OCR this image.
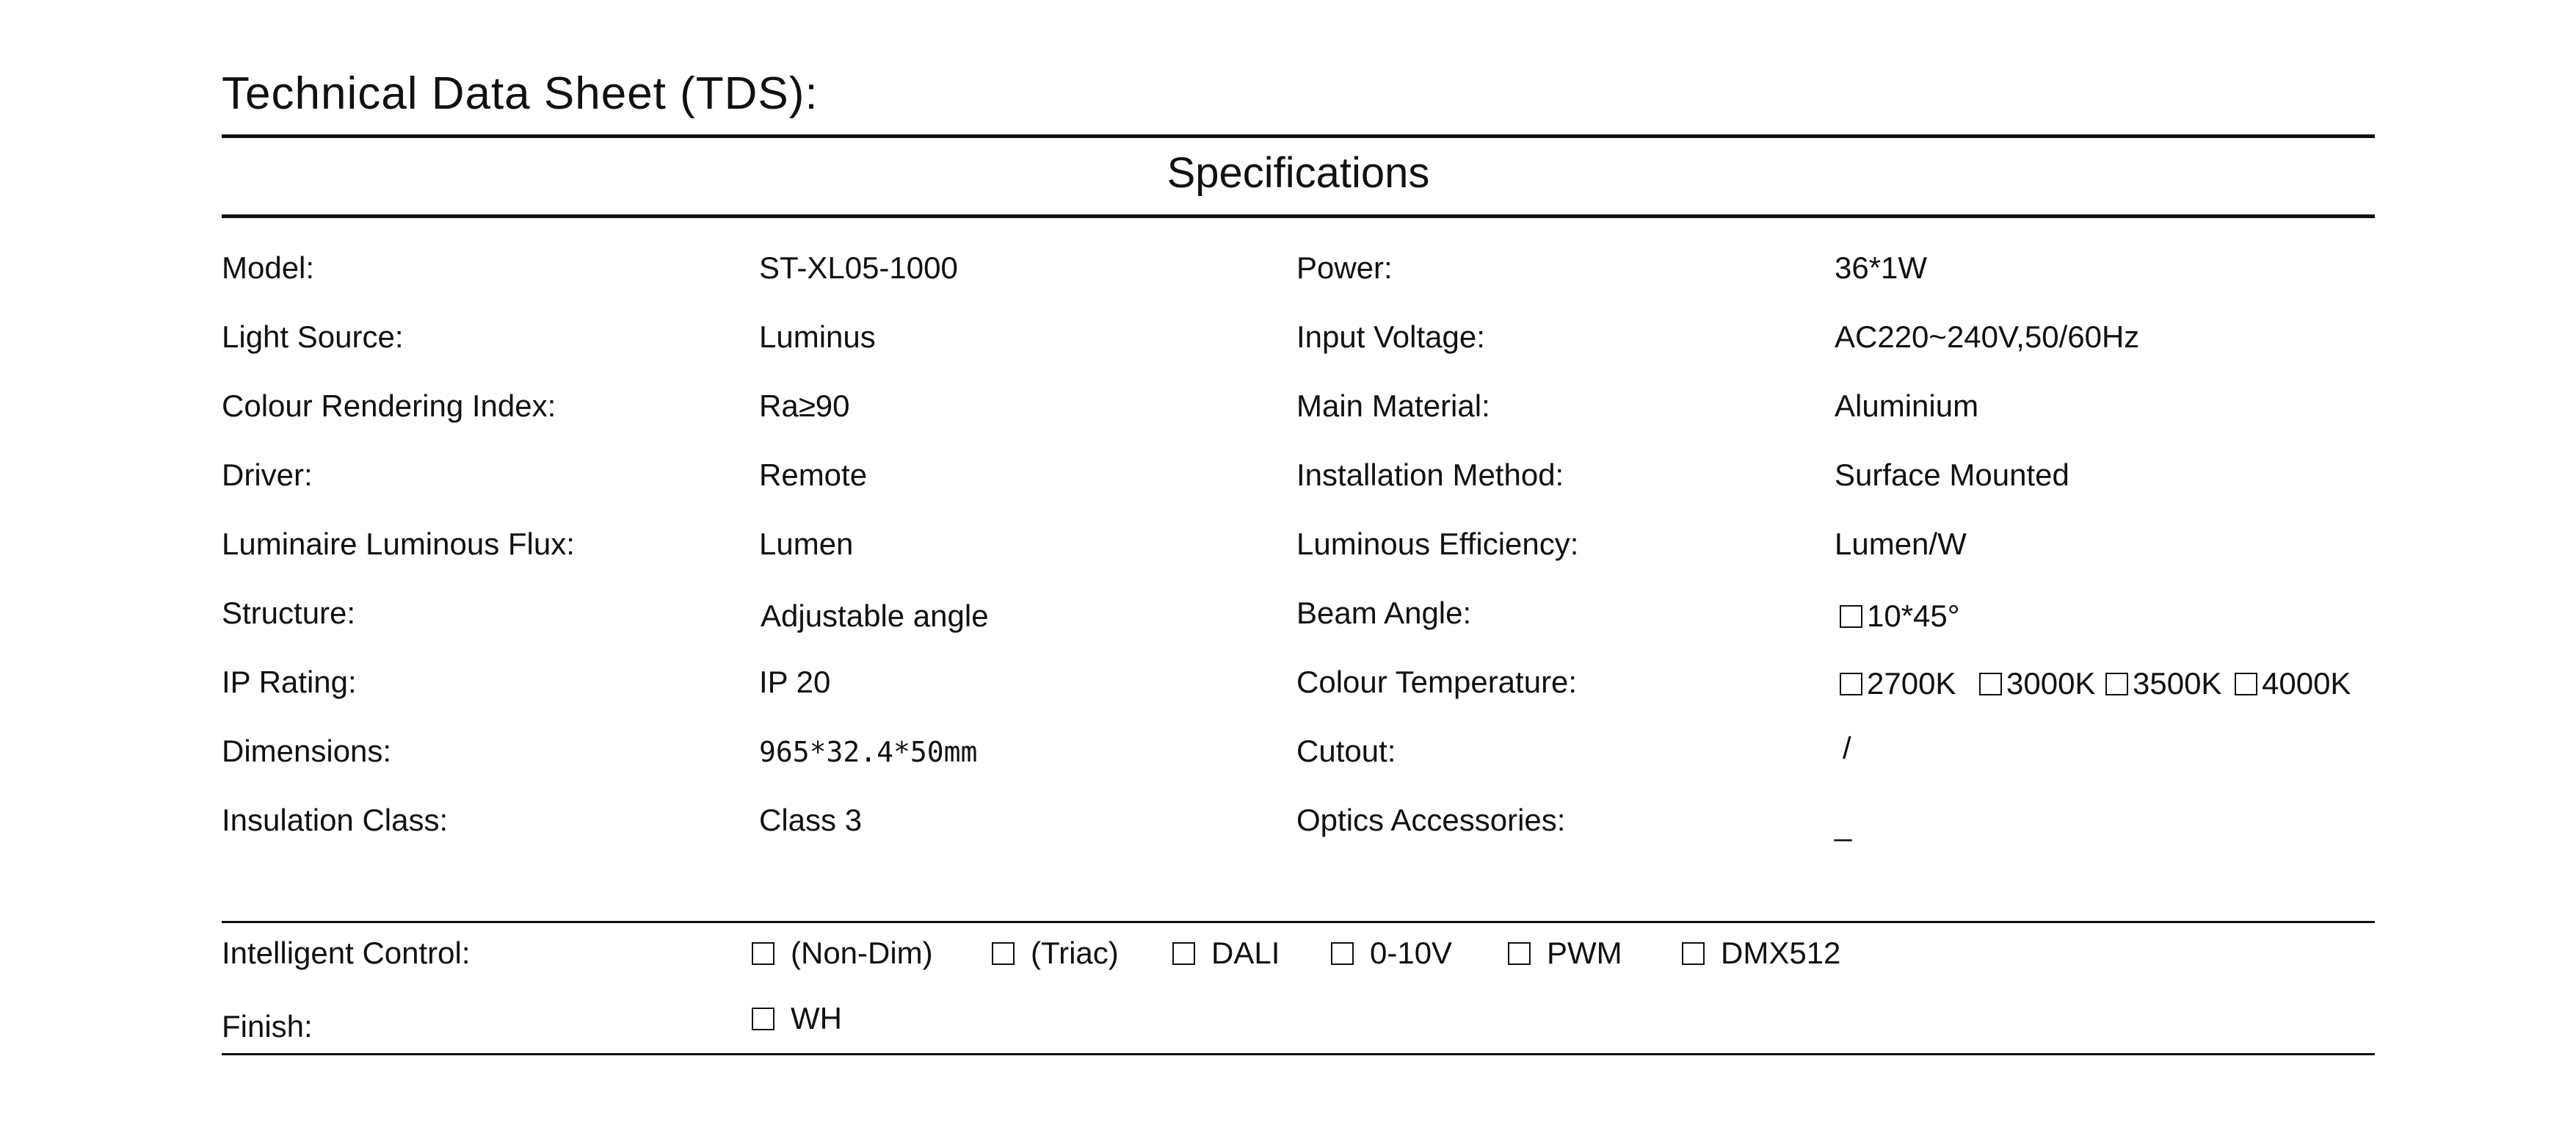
Technical Data Sheet (TDS):
Specifications
Model:	ST-XL05-1000
Light Source:	Luminus
Colour Rendering Index:	Ra≥90
Driver:	Remote
Luminaire Luminous Flux:	Lumen
Structure:	Adjustable angle
IP Rating:	IP 20
Dimensions:	965*32.4*50mm
Insulation Class:	Class 3
Power:	36*1W
Input Voltage:	AC220~240V,50/60Hz
Main Material:	Aluminium
Installation Method:	Surface Mounted
Luminous Efficiency:	Lumen/W
Beam Angle:	10*45°
Colour Temperature:	2700K	3000K	3500K	4000K
Cutout:	/
Optics Accessories:	_
Intelligent Control:	(Non-Dim)	(Triac)	DALI	0-10V	PWM	DMX512
Finish:	WH
